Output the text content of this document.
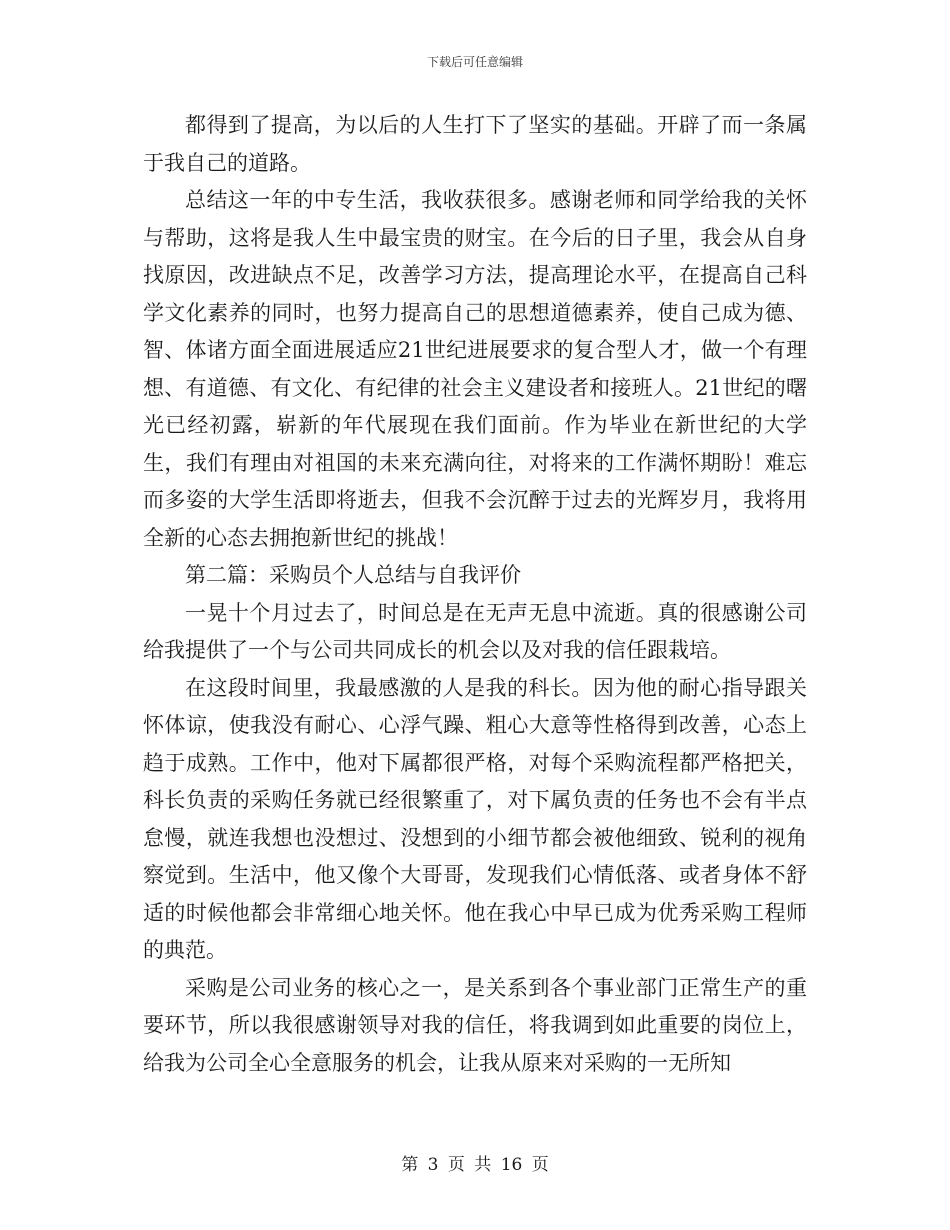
下载后可任意编辑

都得到了提高，为以后的人生打下了坚实的基础。开辟了而一条属于我自己的道路。

总结这一年的中专生活，我收获很多。感谢老师和同学给我的关怀与帮助，这将是我人生中最宝贵的财宝。在今后的日子里，我会从自身找原因，改进缺点不足，改善学习方法，提高理论水平，在提高自己科学文化素养的同时，也努力提高自己的思想道德素养，使自己成为德、智、体诸方面全面进展适应21世纪进展要求的复合型人才，做一个有理想、有道德、有文化、有纪律的社会主义建设者和接班人。21世纪的曙光已经初露，崭新的年代展现在我们面前。作为毕业在新世纪的大学生，我们有理由对祖国的未来充满向往，对将来的工作满怀期盼！难忘而多姿的大学生活即将逝去，但我不会沉醉于过去的光辉岁月，我将用全新的心态去拥抱新世纪的挑战！

第二篇：采购员个人总结与自我评价

一晃十个月过去了，时间总是在无声无息中流逝。真的很感谢公司给我提供了一个与公司共同成长的机会以及对我的信任跟栽培。

在这段时间里，我最感激的人是我的科长。因为他的耐心指导跟关怀体谅，使我没有耐心、心浮气躁、粗心大意等性格得到改善，心态上趋于成熟。工作中，他对下属都很严格，对每个采购流程都严格把关，科长负责的采购任务就已经很繁重了，对下属负责的任务也不会有半点怠慢，就连我想也没想过、没想到的小细节都会被他细致、锐利的视角察觉到。生活中，他又像个大哥哥，发现我们心情低落、或者身体不舒适的时候他都会非常细心地关怀。他在我心中早已成为优秀采购工程师的典范。

采购是公司业务的核心之一，是关系到各个事业部门正常生产的重要环节，所以我很感谢领导对我的信任，将我调到如此重要的岗位上，给我为公司全心全意服务的机会，让我从原来对采购的一无所知

第 3 页 共 16 页
